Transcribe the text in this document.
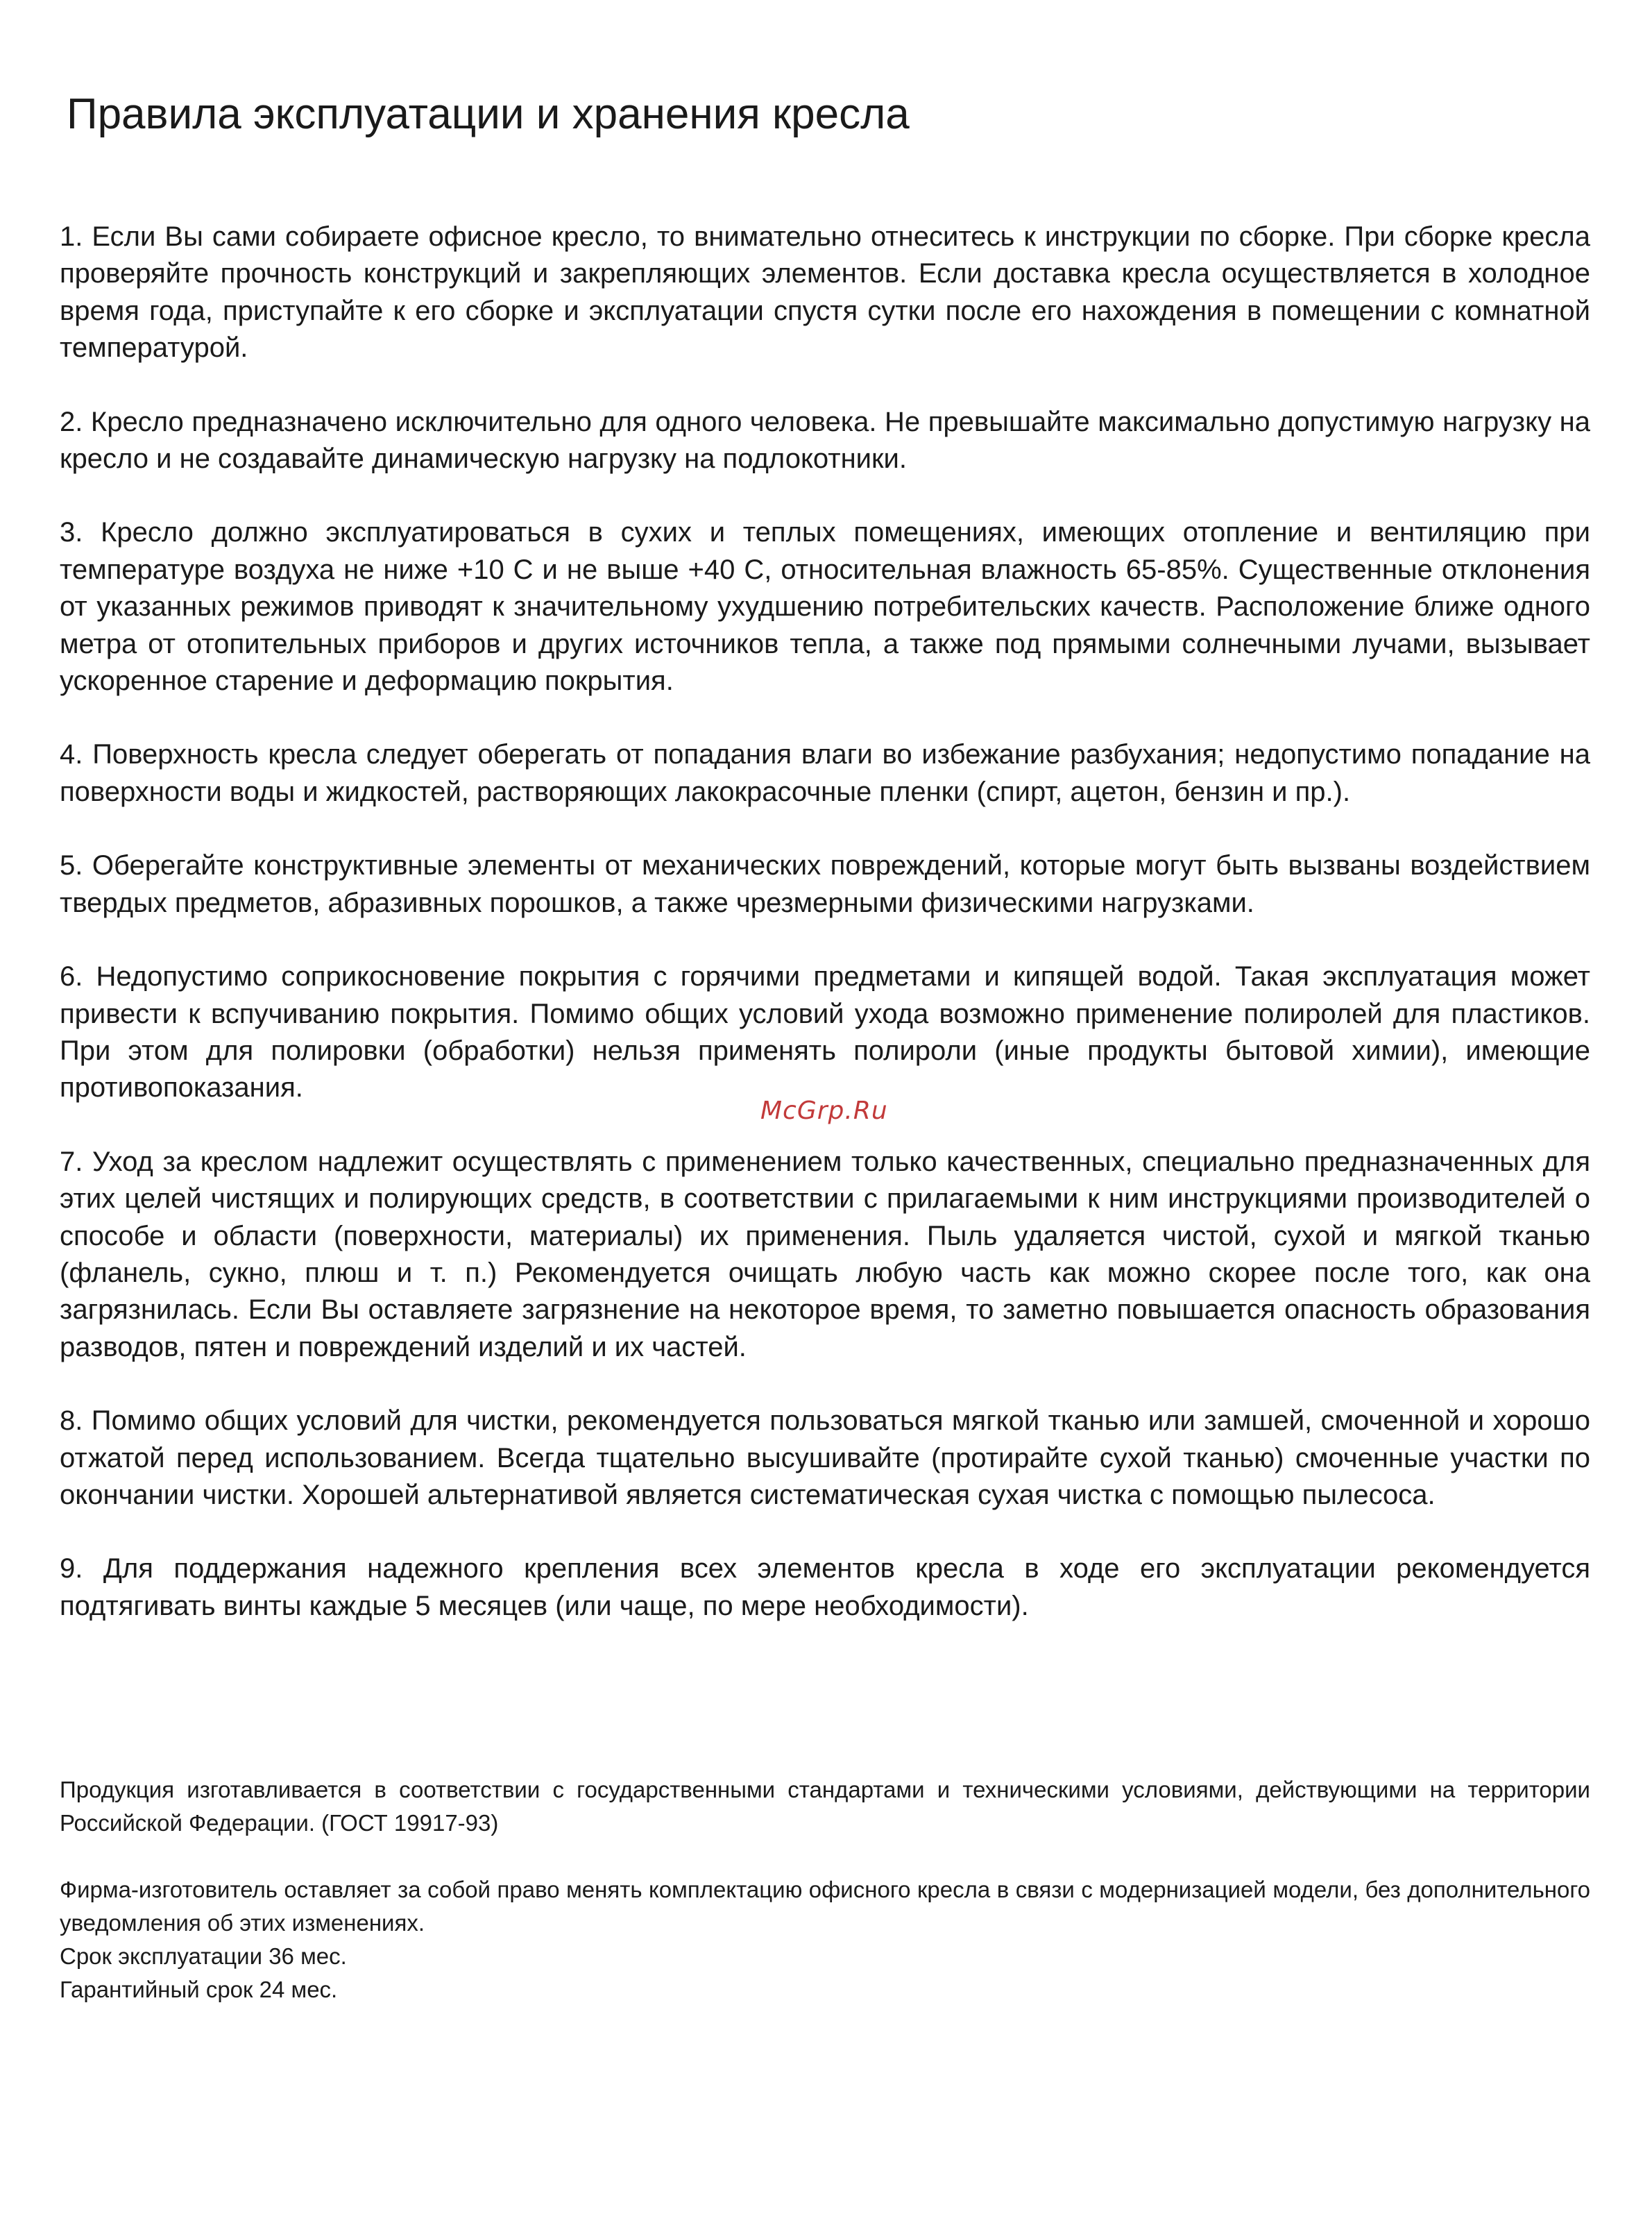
Правила эксплуатации и хранения кресла
1. Если Вы сами собираете офисное кресло, то внимательно отнеситесь к инструкции по сборке. При сборке кресла проверяйте прочность конструкций и закрепляющих элементов. Если доставка кресла осуществляется в холодное время года, приступайте к его сборке и эксплуатации спустя сутки после его нахождения в помещении с комнатной температурой.
2. Кресло предназначено исключительно для одного человека. Не превышайте максимально допустимую нагрузку на кресло и не создавайте динамическую нагрузку на подлокотники.
3. Кресло должно эксплуатироваться в сухих и теплых помещениях, имеющих отопление и вентиляцию при температуре воздуха не ниже +10 С и не выше +40 С, относительная влажность 65-85%. Существенные отклонения от указанных режимов приводят к значительному ухудшению потребительских качеств. Расположение ближе одного метра от отопительных приборов и других источников тепла, а также под прямыми солнечными лучами, вызывает ускоренное старение и деформацию покрытия.
4. Поверхность кресла следует оберегать от попадания влаги во избежание разбухания; недопустимо попадание на поверхности воды и жидкостей, растворяющих лакокрасочные пленки (спирт, ацетон, бензин и пр.).
5. Оберегайте конструктивные элементы от механических повреждений, которые могут быть вызваны воздействием твердых предметов, абразивных порошков, а также чрезмерными физическими нагрузками.
6. Недопустимо соприкосновение покрытия с горячими предметами и кипящей водой. Такая эксплуатация может привести к вспучиванию покрытия. Помимо общих условий ухода возможно применение полиролей для пластиков. При этом для полировки (обработки) нельзя применять полироли (иные продукты бытовой химии), имеющие противопоказания.
7. Уход за креслом надлежит осуществлять с применением только качественных, специально предназначенных для этих целей чистящих и полирующих средств, в соответствии с прилагаемыми к ним инструкциями производителей о способе и области (поверхности, материалы) их применения. Пыль удаляется чистой, сухой и мягкой тканью (фланель, сукно, плюш и т. п.) Рекомендуется очищать любую часть как можно скорее после того, как она загрязнилась. Если Вы оставляете загрязнение на некоторое время, то заметно повышается опасность образования разводов, пятен и повреждений изделий и их частей.
8. Помимо общих условий для чистки, рекомендуется пользоваться мягкой тканью или замшей, смоченной и хорошо отжатой перед использованием. Всегда тщательно высушивайте (протирайте сухой тканью) смоченные участки по окончании чистки. Хорошей альтернативой является систематическая сухая чистка с помощью пылесоса.
9. Для поддержания надежного крепления всех элементов кресла в ходе его эксплуатации рекомендуется подтягивать винты каждые 5 месяцев (или чаще, по мере необходимости).
McGrp.Ru

Продукция изготавливается в соответствии с государственными стандартами и техническими условиями, действующими на территории Российской Федерации. (ГОСТ 19917-93)

Фирма-изготовитель оставляет за собой право менять комплектацию офисного кресла в связи с модернизацией модели, без дополнительного уведомления об этих изменениях.

Срок эксплуатации 36 мес.

Гарантийный срок 24 мес.
